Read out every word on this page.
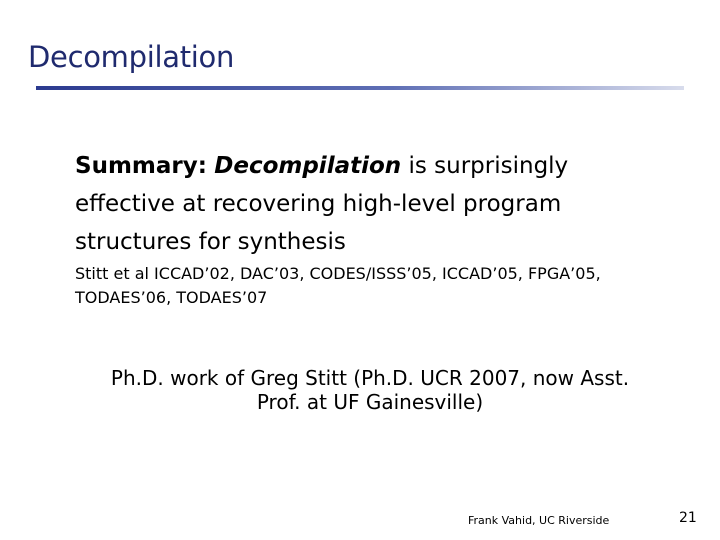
Decompilation
Summary: Decompilation is surprisingly effective at recovering high-level program structures for synthesis
Stitt et al ICCAD’02, DAC’03, CODES/ISSS’05, ICCAD’05, FPGA’05, TODAES’06, TODAES’07
Ph.D. work of Greg Stitt (Ph.D. UCR 2007, now Asst.
Prof. at UF Gainesville)
Frank Vahid, UC Riverside	21
